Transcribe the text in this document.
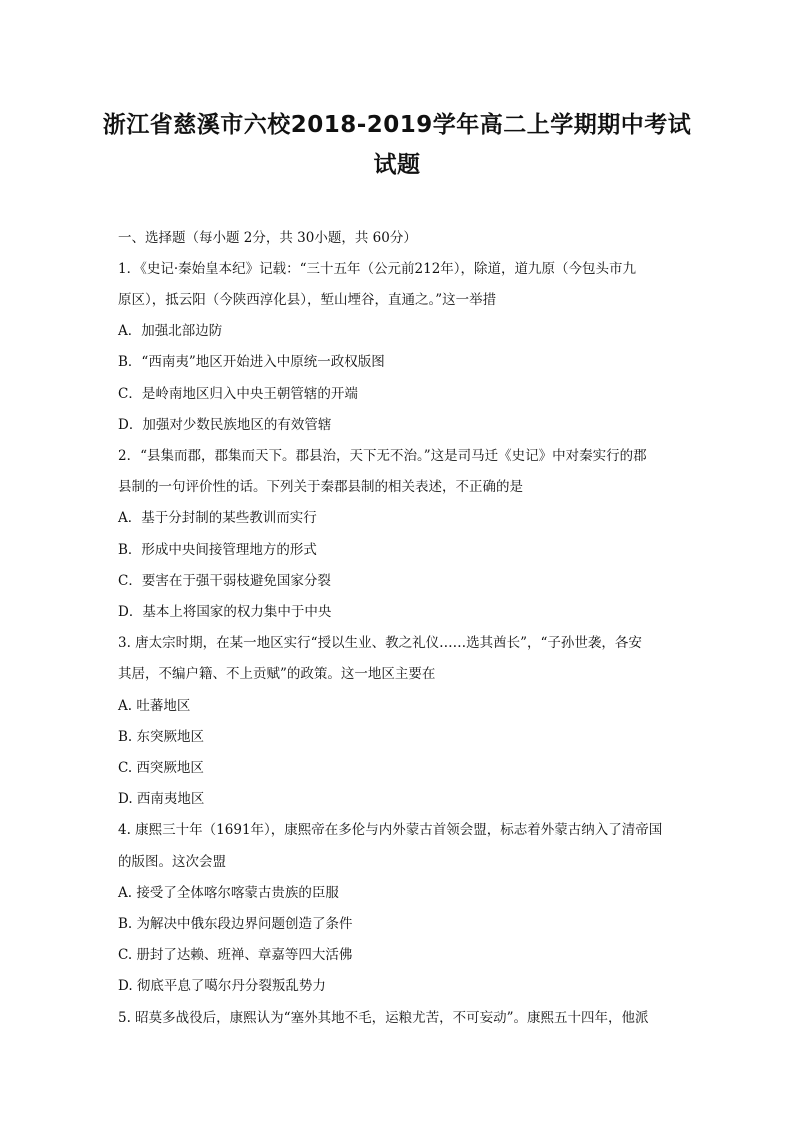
浙江省慈溪市六校2018-2019学年高二上学期期中考试
试题
一、选择题（每小题 2分，共 30小题，共 60分）
1．《史记·秦始皇本纪》记载：“三十五年（公元前212年），除道，道九原（今包头市九
原区），抵云阳（今陕西淳化县），堑山堙谷，直通之。”这一举措
A．加强北部边防
B．“西南夷”地区开始进入中原统一政权版图
C．是岭南地区归入中央王朝管辖的开端
D．加强对少数民族地区的有效管辖
2．“县集而郡，郡集而天下。郡县治，天下无不治。”这是司马迁《史记》中对秦实行的郡
县制的一句评价性的话。下列关于秦郡县制的相关表述，不正确的是
A．基于分封制的某些教训而实行
B．形成中央间接管理地方的形式
C．要害在于强干弱枝避免国家分裂
D．基本上将国家的权力集中于中央
3. 唐太宗时期，在某一地区实行“授以生业、教之礼仪……选其酋长”，“子孙世袭，各安
其居，不编户籍、不上贡赋”的政策。这一地区主要在
A. 吐蕃地区
B. 东突厥地区
C. 西突厥地区
D. 西南夷地区
4. 康熙三十年（1691年），康熙帝在多伦与内外蒙古首领会盟，标志着外蒙古纳入了清帝国
的版图。这次会盟
A. 接受了全体喀尔喀蒙古贵族的臣服
B. 为解决中俄东段边界问题创造了条件
C. 册封了达赖、班禅、章嘉等四大活佛
D. 彻底平息了噶尔丹分裂叛乱势力
5. 昭莫多战役后，康熙认为“塞外其地不毛，运粮尤苦，不可妄动”。康熙五十四年，他派
